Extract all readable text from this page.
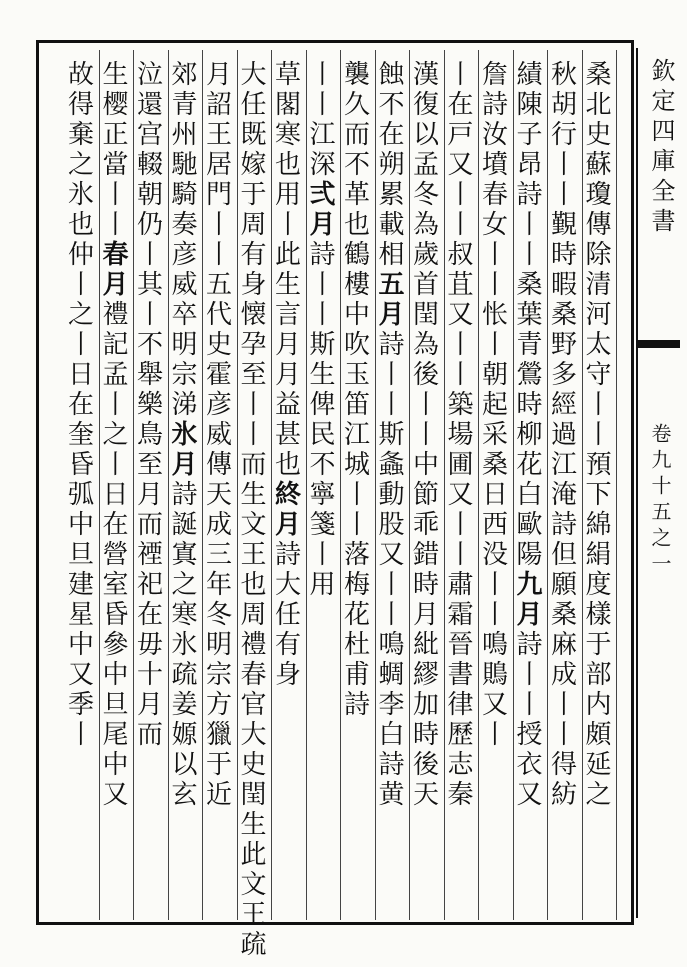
欽定四庫全書
卷九十五之一
桑北史蘇瓊傳除清河太守丨丨預下綿絹度樣于部内頗延之
秋胡行丨丨覲時暇桑野多經過江淹詩但願桑麻成丨丨得紡
績陳子昂詩丨丨桑葉青鶯時柳花白歐陽
九月
詩丨丨授衣又
詹詩汝墳春女丨丨怅丨朝起采桑日西没
丨丨鳴鵙又丨
丨在戸又丨丨叔苴又丨丨築場圃又丨丨肅霜晉書律歷志秦
漢復以孟冬為歲首閏為後丨丨中節乖錯時月紕繆加時後天
蝕不在朔累載相
五月
詩丨丨斯螽動股又丨丨鳴蜩李白詩黄
襲久而不革也
鶴樓中吹玉笛江城丨丨落梅花杜甫詩
丨丨江深
弍月
詩丨丨斯生俾民不寧箋丨用
草閣寒
也用丨此生言月月益甚也
終月
詩大任有身
大任既嫁于周有身懐孕至丨丨而生文王也周禮春官大史閏
生此文王疏
月詔王居門丨丨五代史霍彦威傳天成三年冬明宗方獵于近
郊青州馳騎奏彦威卒明宗涕
氷月
詩誕寘之寒氷疏姜嫄以玄
泣還宫輟朝仍丨其丨不舉樂
鳥至月而禋祀在毋十月而
生樱正當丨丨
春月
禮記孟丨之丨日在營室昏參中旦尾中又
故得棄之氷也
仲丨之丨日在奎昏弧中旦建星中又季丨
